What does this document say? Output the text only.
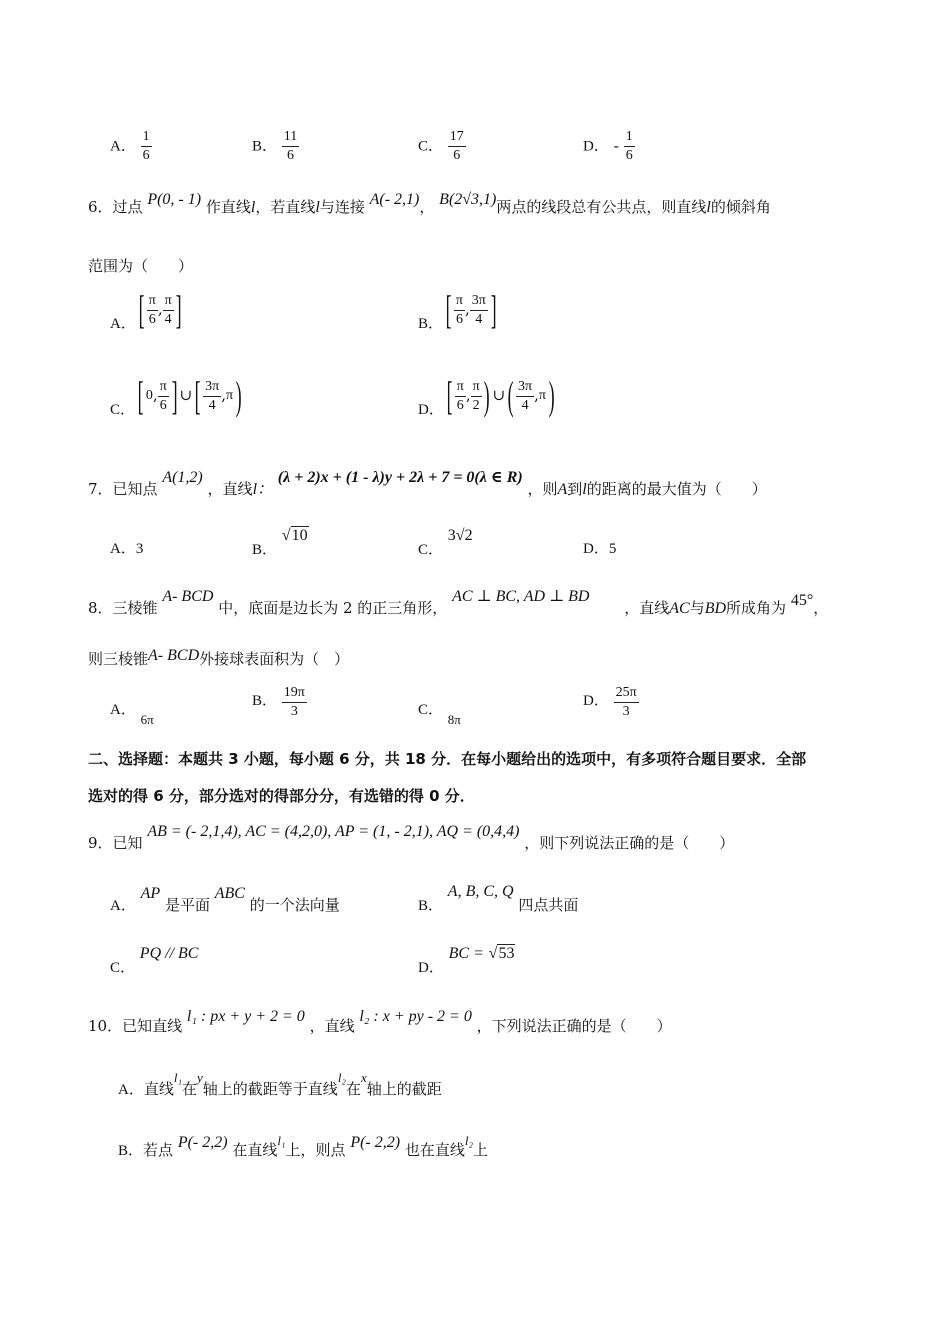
A． $\frac{1}{6}$	B． $\frac{11}{6}$	C． $\frac{17}{6}$	D． - $\frac{1}{6}$
6．过点 P(0, - 1) 作直线l，若直线l与连接 A(- 2,1)， B(2√3,1)两点的线段总有公共点，则直线l的倾斜角
范围为（　　）
A． [ $\frac{\pi}{6}$ , $\frac{\pi}{4}$ ]	B． [ $\frac{\pi}{6}$ , $\frac{3\pi}{4}$ ]
C． [ 0, $\frac{\pi}{6}$ ] ∪ [ $\frac{3\pi}{4} ,\pi$ )	D． [ $\frac{\pi}{6}$ , $\frac{\pi}{2}$ ) ∪ ( $\frac{3\pi}{4} ,\pi$ )
7．已知点 A(1,2) ，直线l： (λ + 2)x + (1 - λ)y + 2λ + 7 = 0(λ ∈ R) ，则A到l的距离的最大值为（　　）
A．3	B． √10
C． 3√2
D．5
8．三棱锥 A- BCD 中，底面是边长为 2 的正三角形， AC ⊥ BC, AD ⊥ BD ，直线AC与BD所成角为 45°，
则三棱锥A- BCD外接球表面积为（　）
A． 6π
B． $\frac{19\pi}{3}$	C． 8π
D． $\frac{25\pi}{3}$
二、选择题：本题共 3 小题，每小题 6 分，共 18 分．在每小题给出的选项中，有多项符合题目要求．全部
选对的得 6 分，部分选对的得部分分，有选错的得 0 分．
9．已知 AB = (- 2,1,4), AC = (4,2,0), AP = (1, - 2,1), AQ = (0,4,4) ，则下列说法正确的是（　　）
A． AP 是平面 ABC 的一个法向量	B． A, B, C, Q 四点共面
C． PQ // BC
D． BC = √53
10．已知直线 l₁ : px + y + 2 = 0 ，直线 l₂ : x + py - 2 = 0 ，下列说法正确的是（　　）
A．直线l₁在y轴上的截距等于直线l₂在x轴上的截距
B．若点 P(- 2,2) 在直线l₁上，则点 P(- 2,2) 也在直线l₂上
